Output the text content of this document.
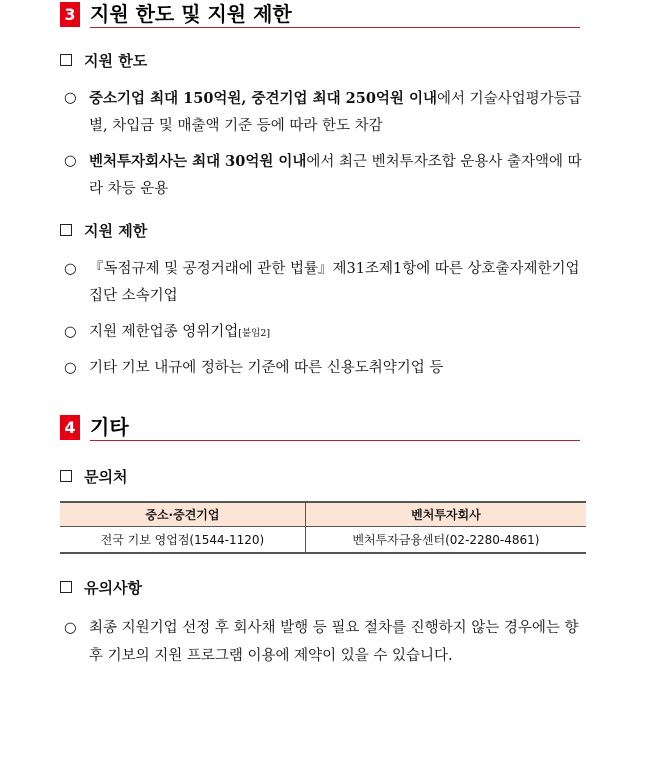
3 지원 한도 및 지원 제한
지원 한도
○ 중소기업 최대 150억원, 중견기업 최대 250억원 이내에서 기술사업평가등급별, 차입금 및 매출액 기준 등에 따라 한도 차감
○ 벤처투자회사는 최대 30억원 이내에서 최근 벤처투자조합 운용사 출자액에 따라 차등 운용
지원 제한
○ 『독점규제 및 공정거래에 관한 법률』제31조제1항에 따른 상호출자제한기업집단 소속기업
○ 지원 제한업종 영위기업[붙임2]
○ 기타 기보 내규에 정하는 기준에 따른 신용도취약기업 등
4 기타
문의처
중소·중견기업	벤처투자회사
전국 기보 영업점(1544-1120)	벤처투자금융센터(02-2280-4861)
유의사항
○ 최종 지원기업 선정 후 회사채 발행 등 필요 절차를 진행하지 않는 경우에는 향후 기보의 지원 프로그램 이용에 제약이 있을 수 있습니다.
